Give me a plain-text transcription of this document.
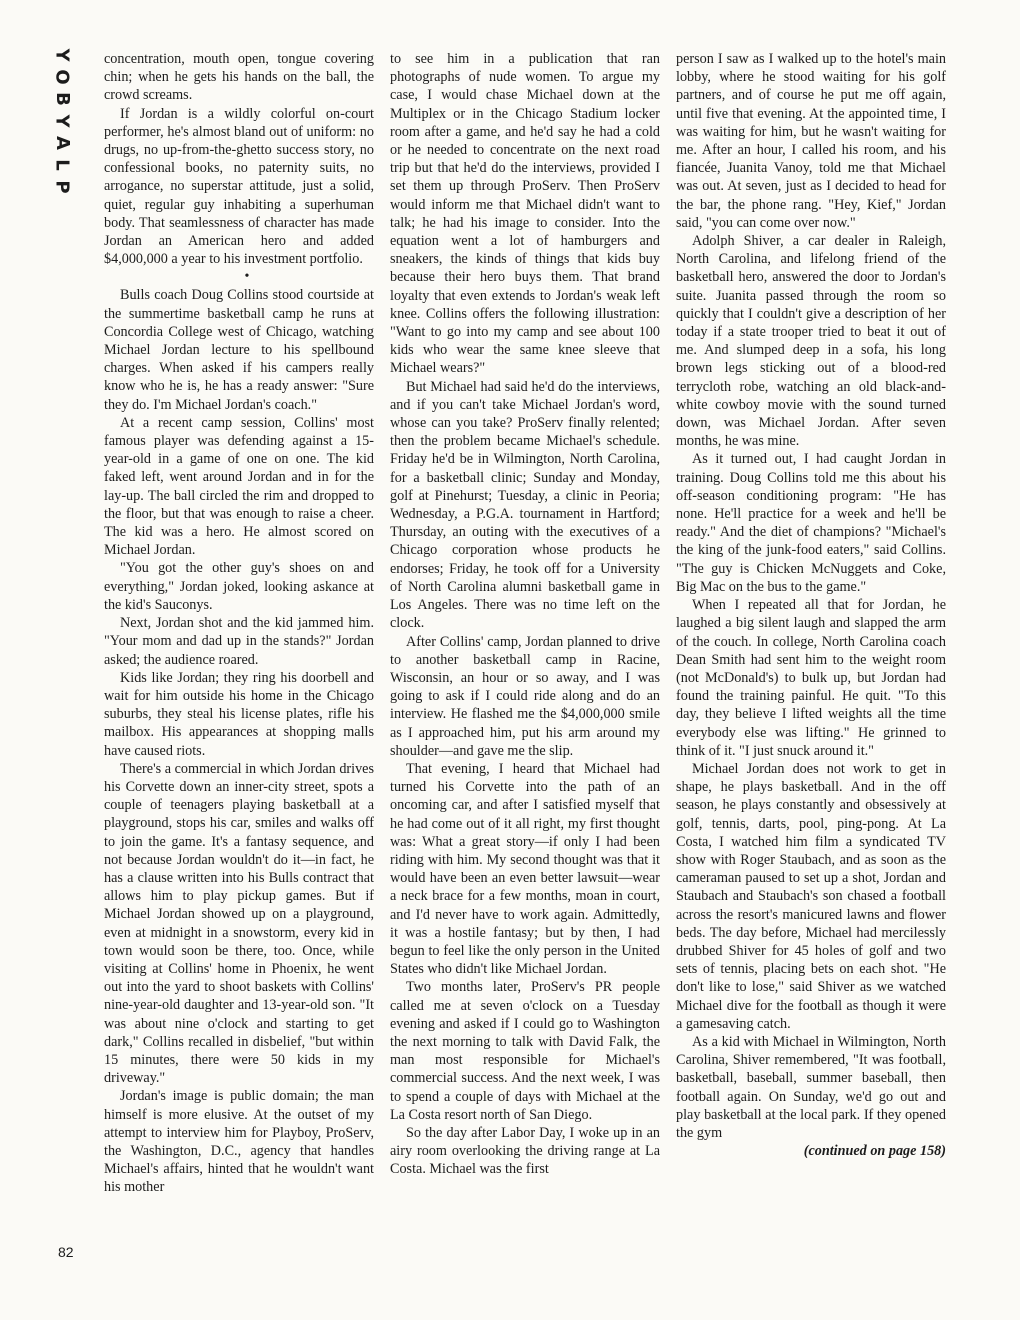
Y
O
B
Y
A
L
P

concentration, mouth open, tongue covering chin; when he gets his hands on the ball, the crowd screams.

If Jordan is a wildly colorful on-court performer, he's almost bland out of uniform: no drugs, no up-from-the-ghetto success story, no confessional books, no paternity suits, no arrogance, no superstar attitude, just a solid, quiet, regular guy inhabiting a superhuman body. That seamlessness of character has made Jordan an American hero and added $4,000,000 a year to his investment portfolio.

•

Bulls coach Doug Collins stood courtside at the summertime basketball camp he runs at Concordia College west of Chicago, watching Michael Jordan lecture to his spellbound charges. When asked if his campers really know who he is, he has a ready answer: "Sure they do. I'm Michael Jordan's coach."

At a recent camp session, Collins' most famous player was defending against a 15-year-old in a game of one on one. The kid faked left, went around Jordan and in for the lay-up. The ball circled the rim and dropped to the floor, but that was enough to raise a cheer. The kid was a hero. He almost scored on Michael Jordan.

"You got the other guy's shoes on and everything," Jordan joked, looking askance at the kid's Sauconys.

Next, Jordan shot and the kid jammed him. "Your mom and dad up in the stands?" Jordan asked; the audience roared.

Kids like Jordan; they ring his doorbell and wait for him outside his home in the Chicago suburbs, they steal his license plates, rifle his mailbox. His appearances at shopping malls have caused riots.

There's a commercial in which Jordan drives his Corvette down an inner-city street, spots a couple of teenagers playing basketball at a playground, stops his car, smiles and walks off to join the game. It's a fantasy sequence, and not because Jordan wouldn't do it—in fact, he has a clause written into his Bulls contract that allows him to play pickup games. But if Michael Jordan showed up on a playground, even at midnight in a snowstorm, every kid in town would soon be there, too. Once, while visiting at Collins' home in Phoenix, he went out into the yard to shoot baskets with Collins' nine-year-old daughter and 13-year-old son. "It was about nine o'clock and starting to get dark," Collins recalled in disbelief, "but within 15 minutes, there were 50 kids in my driveway."

Jordan's image is public domain; the man himself is more elusive. At the outset of my attempt to interview him for Playboy, ProServ, the Washington, D.C., agency that handles Michael's affairs, hinted that he wouldn't want his mother

to see him in a publication that ran photographs of nude women. To argue my case, I would chase Michael down at the Multiplex or in the Chicago Stadium locker room after a game, and he'd say he had a cold or he needed to concentrate on the next road trip but that he'd do the interviews, provided I set them up through ProServ. Then ProServ would inform me that Michael didn't want to talk; he had his image to consider. Into the equation went a lot of hamburgers and sneakers, the kinds of things that kids buy because their hero buys them. That brand loyalty that even extends to Jordan's weak left knee. Collins offers the following illustration: "Want to go into my camp and see about 100 kids who wear the same knee sleeve that Michael wears?"

But Michael had said he'd do the interviews, and if you can't take Michael Jordan's word, whose can you take? ProServ finally relented; then the problem became Michael's schedule. Friday he'd be in Wilmington, North Carolina, for a basketball clinic; Sunday and Monday, golf at Pinehurst; Tuesday, a clinic in Peoria; Wednesday, a P.G.A. tournament in Hartford; Thursday, an outing with the executives of a Chicago corporation whose products he endorses; Friday, he took off for a University of North Carolina alumni basketball game in Los Angeles. There was no time left on the clock.

After Collins' camp, Jordan planned to drive to another basketball camp in Racine, Wisconsin, an hour or so away, and I was going to ask if I could ride along and do an interview. He flashed me the $4,000,000 smile as I approached him, put his arm around my shoulder—and gave me the slip.

That evening, I heard that Michael had turned his Corvette into the path of an oncoming car, and after I satisfied myself that he had come out of it all right, my first thought was: What a great story—if only I had been riding with him. My second thought was that it would have been an even better lawsuit—wear a neck brace for a few months, moan in court, and I'd never have to work again. Admittedly, it was a hostile fantasy; but by then, I had begun to feel like the only person in the United States who didn't like Michael Jordan.

Two months later, ProServ's PR people called me at seven o'clock on a Tuesday evening and asked if I could go to Washington the next morning to talk with David Falk, the man most responsible for Michael's commercial success. And the next week, I was to spend a couple of days with Michael at the La Costa resort north of San Diego.

So the day after Labor Day, I woke up in an airy room overlooking the driving range at La Costa. Michael was the first

person I saw as I walked up to the hotel's main lobby, where he stood waiting for his golf partners, and of course he put me off again, until five that evening. At the appointed time, I was waiting for him, but he wasn't waiting for me. After an hour, I called his room, and his fiancée, Juanita Vanoy, told me that Michael was out. At seven, just as I decided to head for the bar, the phone rang. "Hey, Kief," Jordan said, "you can come over now."

Adolph Shiver, a car dealer in Raleigh, North Carolina, and lifelong friend of the basketball hero, answered the door to Jordan's suite. Juanita passed through the room so quickly that I couldn't give a description of her today if a state trooper tried to beat it out of me. And slumped deep in a sofa, his long brown legs sticking out of a blood-red terrycloth robe, watching an old black-and-white cowboy movie with the sound turned down, was Michael Jordan. After seven months, he was mine.

As it turned out, I had caught Jordan in training. Doug Collins told me this about his off-season conditioning program: "He has none. He'll practice for a week and he'll be ready." And the diet of champions? "Michael's the king of the junk-food eaters," said Collins. "The guy is Chicken McNuggets and Coke, Big Mac on the bus to the game."

When I repeated all that for Jordan, he laughed a big silent laugh and slapped the arm of the couch. In college, North Carolina coach Dean Smith had sent him to the weight room (not McDonald's) to bulk up, but Jordan had found the training painful. He quit. "To this day, they believe I lifted weights all the time everybody else was lifting." He grinned to think of it. "I just snuck around it."

Michael Jordan does not work to get in shape, he plays basketball. And in the off season, he plays constantly and obsessively at golf, tennis, darts, pool, ping-pong. At La Costa, I watched him film a syndicated TV show with Roger Staubach, and as soon as the cameraman paused to set up a shot, Jordan and Staubach and Staubach's son chased a football across the resort's manicured lawns and flower beds. The day before, Michael had mercilessly drubbed Shiver for 45 holes of golf and two sets of tennis, placing bets on each shot. "He don't like to lose," said Shiver as we watched Michael dive for the football as though it were a gamesaving catch.

As a kid with Michael in Wilmington, North Carolina, Shiver remembered, "It was football, basketball, baseball, summer baseball, then football again. On Sunday, we'd go out and play basketball at the local park. If they opened the gym

(continued on page 158)

82
